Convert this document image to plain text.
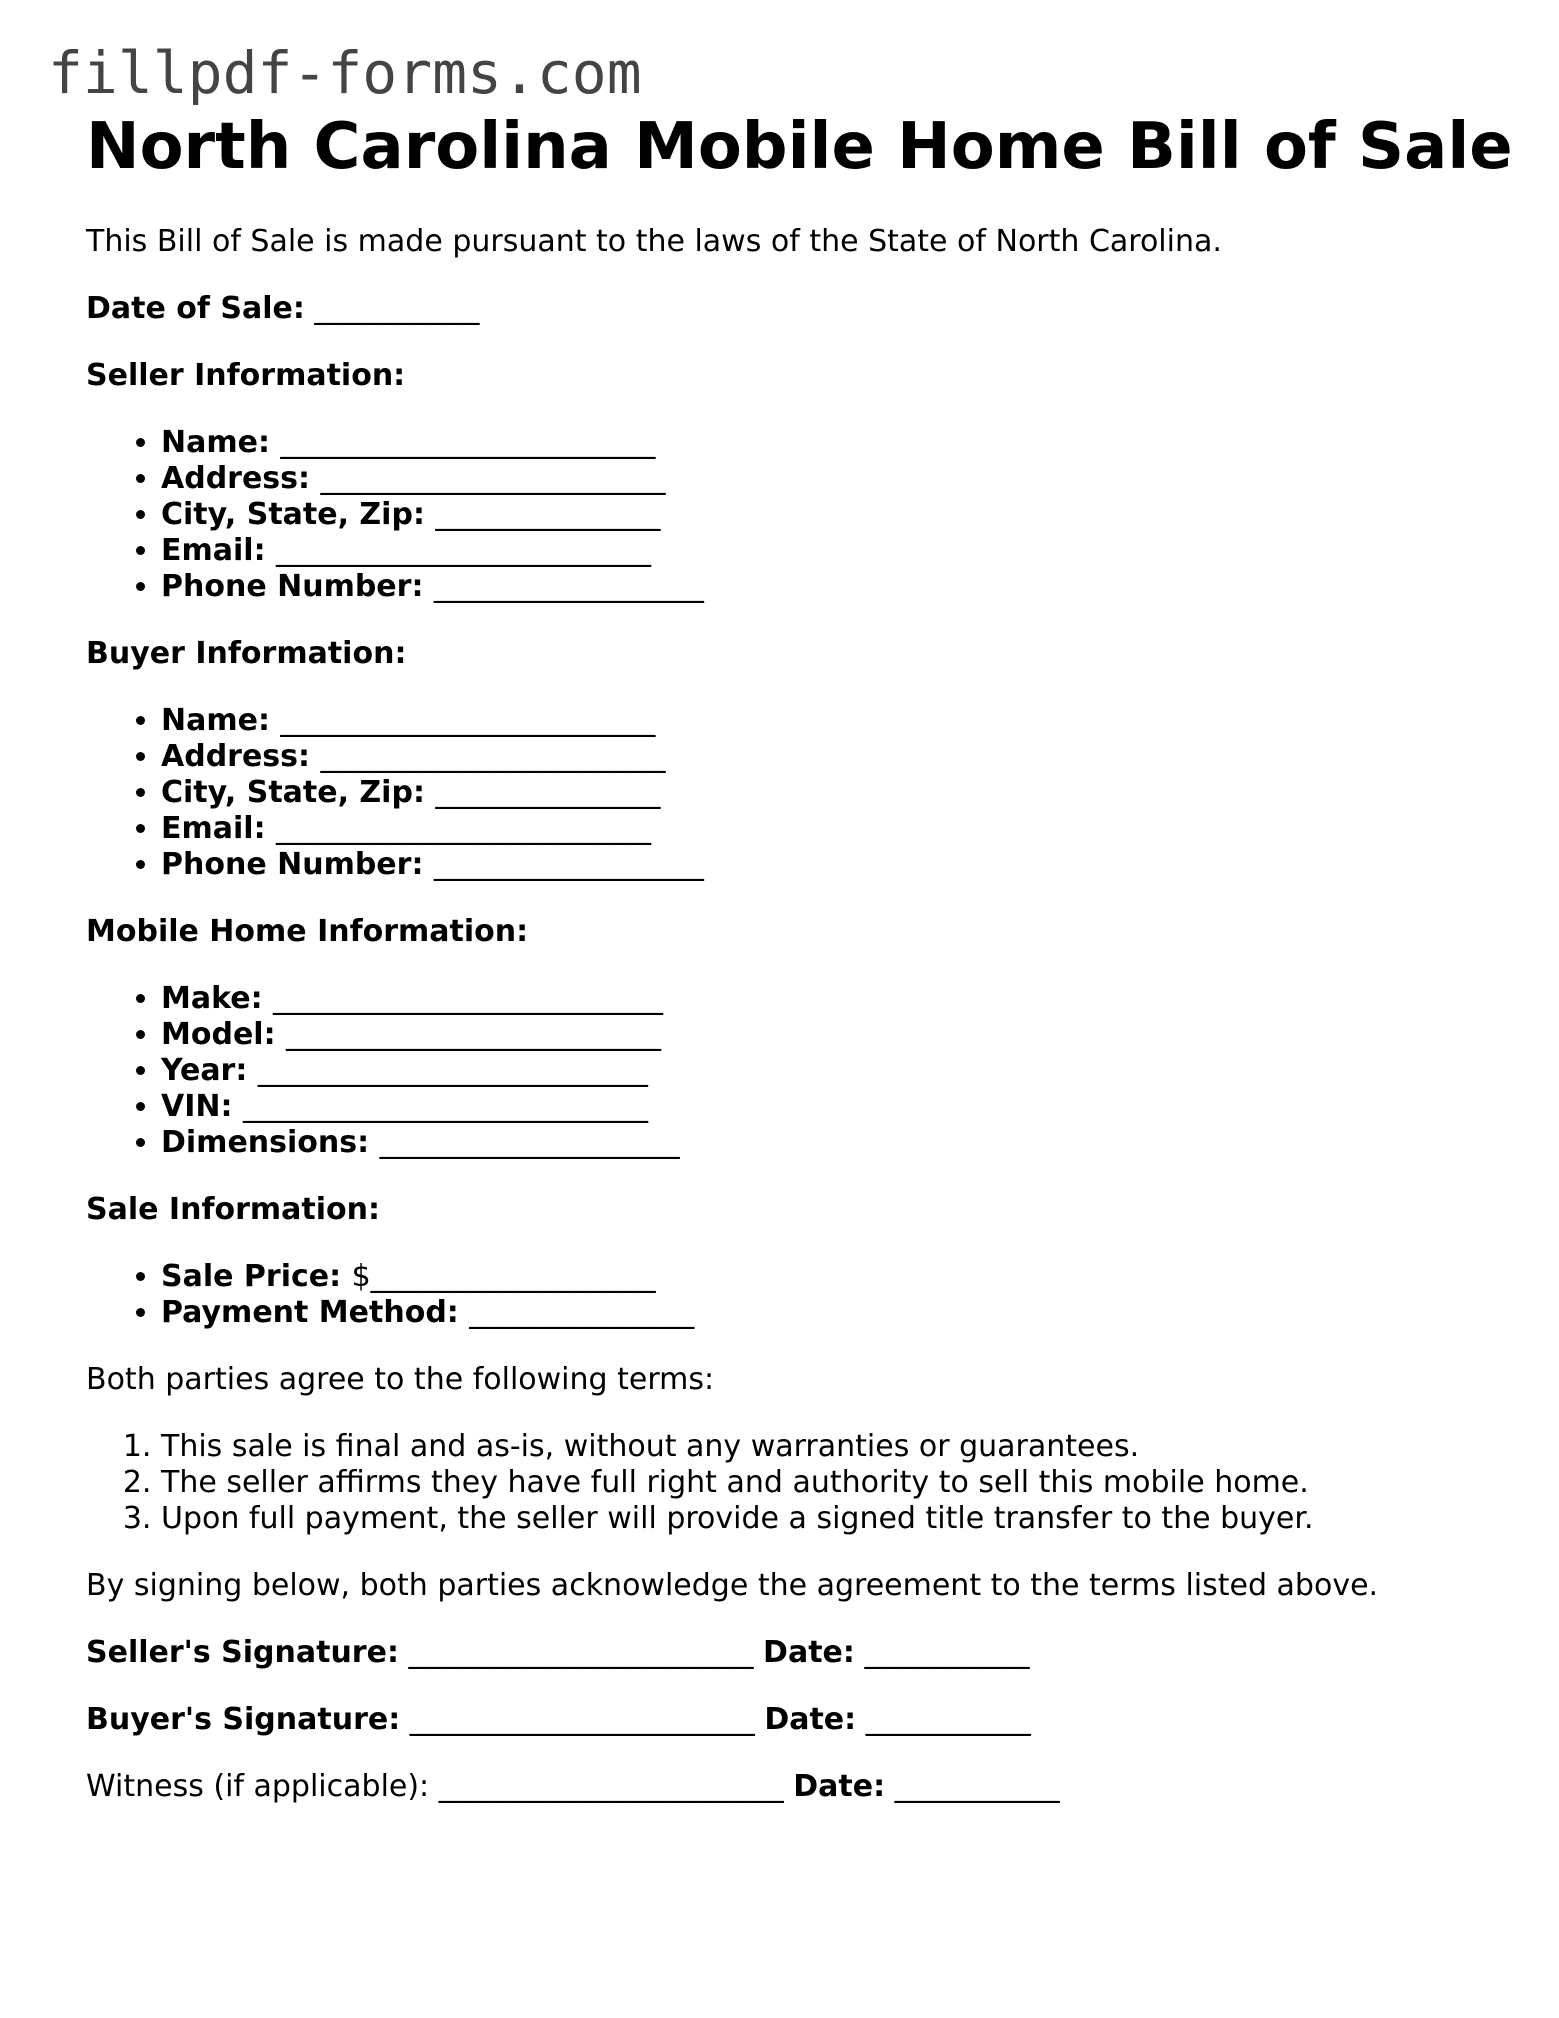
fillpdf-forms.com
North Carolina Mobile Home Bill of Sale

This Bill of Sale is made pursuant to the laws of the State of North Carolina.

Date of Sale: ___________

Seller Information:

• Name: _________________________
• Address: _______________________
• City, State, Zip: _______________
• Email: _________________________
• Phone Number: __________________

Buyer Information:

• Name: _________________________
• Address: _______________________
• City, State, Zip: _______________
• Email: _________________________
• Phone Number: __________________

Mobile Home Information:

• Make: __________________________
• Model: _________________________
• Year: __________________________
• VIN: ___________________________
• Dimensions: ____________________

Sale Information:

• Sale Price: $___________________
• Payment Method: _______________

Both parties agree to the following terms:

1. This sale is final and as-is, without any warranties or guarantees.
2. The seller affirms they have full right and authority to sell this mobile home.
3. Upon full payment, the seller will provide a signed title transfer to the buyer.

By signing below, both parties acknowledge the agreement to the terms listed above.

Seller's Signature: _______________________ Date: ___________

Buyer's Signature: _______________________ Date: ___________

Witness (if applicable): _______________________ Date: ___________
